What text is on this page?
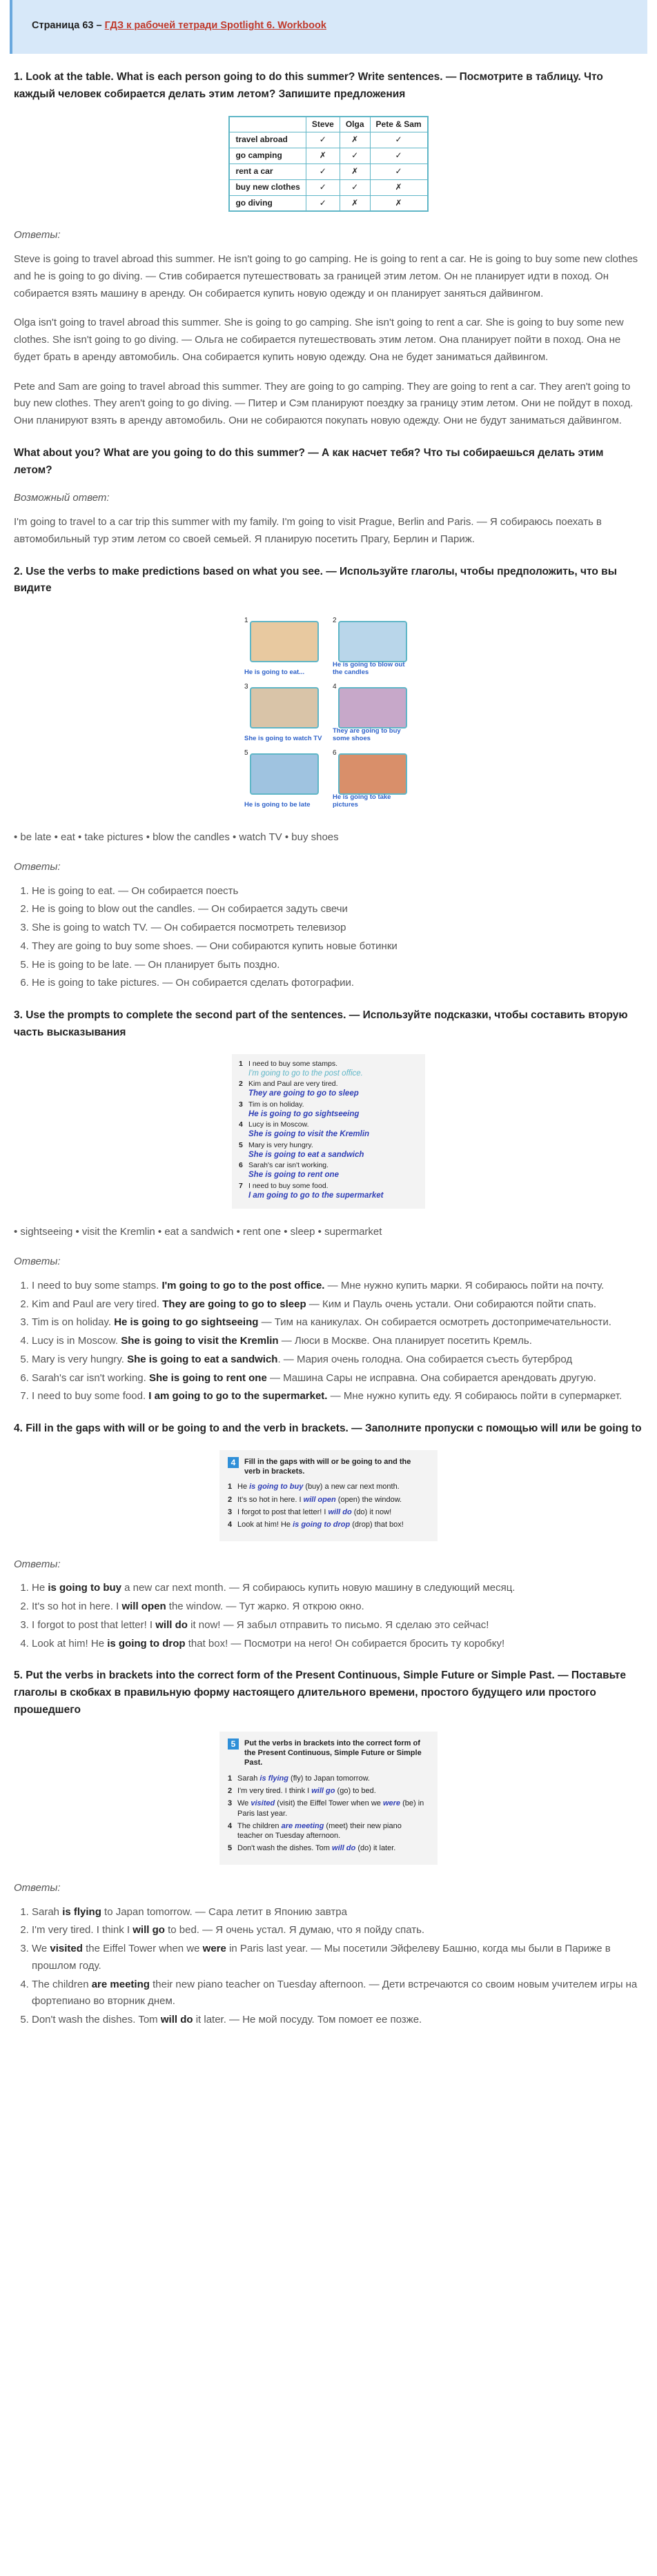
Страница 63 – ГДЗ к рабочей тетради Spotlight 6. Workbook
1. Look at the table. What is each person going to do this summer? Write sentences. — Посмотрите в таблицу. Что каждый человек собирается делать этим летом? Запишите предложения
	Steve	Olga	Pete & Sam
travel abroad	✓	✗	✓
go camping	✗	✓	✓
rent a car	✓	✗	✓
buy new clothes	✓	✓	✗
go diving	✓	✗	✗

Ответы:

Steve is going to travel abroad this summer. He isn't going to go camping. He is going to rent a car. He is going to buy some new clothes and he is going to go diving. — Стив собирается путешествовать за границей этим летом. Он не планирует идти в поход. Он собирается взять машину в аренду. Он собирается купить новую одежду и он планирует заняться дайвингом.

Olga isn't going to travel abroad this summer. She is going to go camping. She isn't going to rent a car. She is going to buy some new clothes. She isn't going to go diving. — Ольга не собирается путешествовать этим летом. Она планирует пойти в поход. Она не будет брать в аренду автомобиль. Она собирается купить новую одежду. Она не будет заниматься дайвингом.

Pete and Sam are going to travel abroad this summer. They are going to go camping. They are going to rent a car. They aren't going to buy new clothes. They aren't going to go diving. — Питер и Сэм планируют поездку за границу этим летом. Они не пойдут в поход. Они планируют взять в аренду автомобиль. Они не собираются покупать новую одежду. Они не будут заниматься дайвингом.

What about you? What are you going to do this summer? — А как насчет тебя? Что ты собираешься делать этим летом?

Возможный ответ:

I'm going to travel to a car trip this summer with my family. I'm going to visit Prague, Berlin and Paris. — Я собираюсь поехать в автомобильный тур этим летом со своей семьей. Я планирую посетить Прагу, Берлин и Париж.

2. Use the verbs to make predictions based on what you see. — Используйте глаголы, чтобы предположить, что вы видите
1
He is going to eat...
2
He is going to blow out the candles
3
She is going to watch TV
4
They are going to buy some shoes
5
He is going to be late
6
He is going to take pictures

• be late • eat • take pictures • blow the candles • watch TV • buy shoes

Ответы:

1. He is going to eat. — Он собирается поесть
2. He is going to blow out the candles. — Он собирается задуть свечи
3. She is going to watch TV. — Он собирается посмотреть телевизор
4. They are going to buy some shoes. — Они собираются купить новые ботинки
5. He is going to be late. — Он планирует быть поздно.
6. He is going to take pictures. — Он собирается сделать фотографии.
3. Use the prompts to complete the second part of the sentences. — Используйте подсказки, чтобы составить вторую часть высказывания
1 I need to buy some stamps.
I'm going to go to the post office.
2 Kim and Paul are very tired.
They are going to go to sleep
3 Tim is on holiday.
He is going to go sightseeing
4 Lucy is in Moscow.
She is going to visit the Kremlin
5 Mary is very hungry.
She is going to eat a sandwich
6 Sarah's car isn't working.
She is going to rent one
7 I need to buy some food.
I am going to go to the supermarket

• sightseeing • visit the Kremlin • eat a sandwich • rent one • sleep • supermarket

Ответы:

1. I need to buy some stamps. I'm going to go to the post office. — Мне нужно купить марки. Я собираюсь пойти на почту.
2. Kim and Paul are very tired. They are going to go to sleep — Ким и Пауль очень устали. Они собираются пойти спать.
3. Tim is on holiday. He is going to go sightseeing — Тим на каникулах. Он собирается осмотреть достопримечательности.
4. Lucy is in Moscow. She is going to visit the Kremlin — Люси в Москве. Она планирует посетить Кремль.
5. Mary is very hungry. She is going to eat a sandwich. — Мария очень голодна. Она собирается съесть бутерброд
6. Sarah's car isn't working. She is going to rent one — Машина Сары не исправна. Она собирается арендовать другую.
7. I need to buy some food. I am going to go to the supermarket. — Мне нужно купить еду. Я собираюсь пойти в супермаркет.
4. Fill in the gaps with will or be going to and the verb in brackets. — Заполните пропуски с помощью will или be going to
4	Fill in the gaps with will or be going to and the verb in brackets.
1 He is going to buy (buy) a new car next month.
2 It's so hot in here. I will open (open) the window.
3 I forgot to post that letter! I will do (do) it now!
4 Look at him! He is going to drop (drop) that box!

Ответы:

1. He is going to buy a new car next month. — Я собираюсь купить новую машину в следующий месяц.
2. It's so hot in here. I will open the window. — Тут жарко. Я открою окно.
3. I forgot to post that letter! I will do it now! — Я забыл отправить то письмо. Я сделаю это сейчас!
4. Look at him! He is going to drop that box! — Посмотри на него! Он собирается бросить ту коробку!
5. Put the verbs in brackets into the correct form of the Present Continuous, Simple Future or Simple Past. — Поставьте глаголы в скобках в правильную форму настоящего длительного времени, простого будущего или простого прошедшего
5	Put the verbs in brackets into the correct form of the Present Continuous, Simple Future or Simple Past.
1 Sarah is flying (fly) to Japan tomorrow.
2 I'm very tired. I think I will go (go) to bed.
3 We visited (visit) the Eiffel Tower when we were (be) in Paris last year.
4 The children are meeting (meet) their new piano teacher on Tuesday afternoon.
5 Don't wash the dishes. Tom will do (do) it later.

Ответы:

1. Sarah is flying to Japan tomorrow. — Сара летит в Японию завтра
2. I'm very tired. I think I will go to bed. — Я очень устал. Я думаю, что я пойду спать.
3. We visited the Eiffel Tower when we were in Paris last year. — Мы посетили Эйфелеву Башню, когда мы были в Париже в прошлом году.
4. The children are meeting their new piano teacher on Tuesday afternoon. — Дети встречаются со своим новым учителем игры на фортепиано во вторник днем.
5. Don't wash the dishes. Tom will do it later. — Не мой посуду. Том помоет ее позже.
